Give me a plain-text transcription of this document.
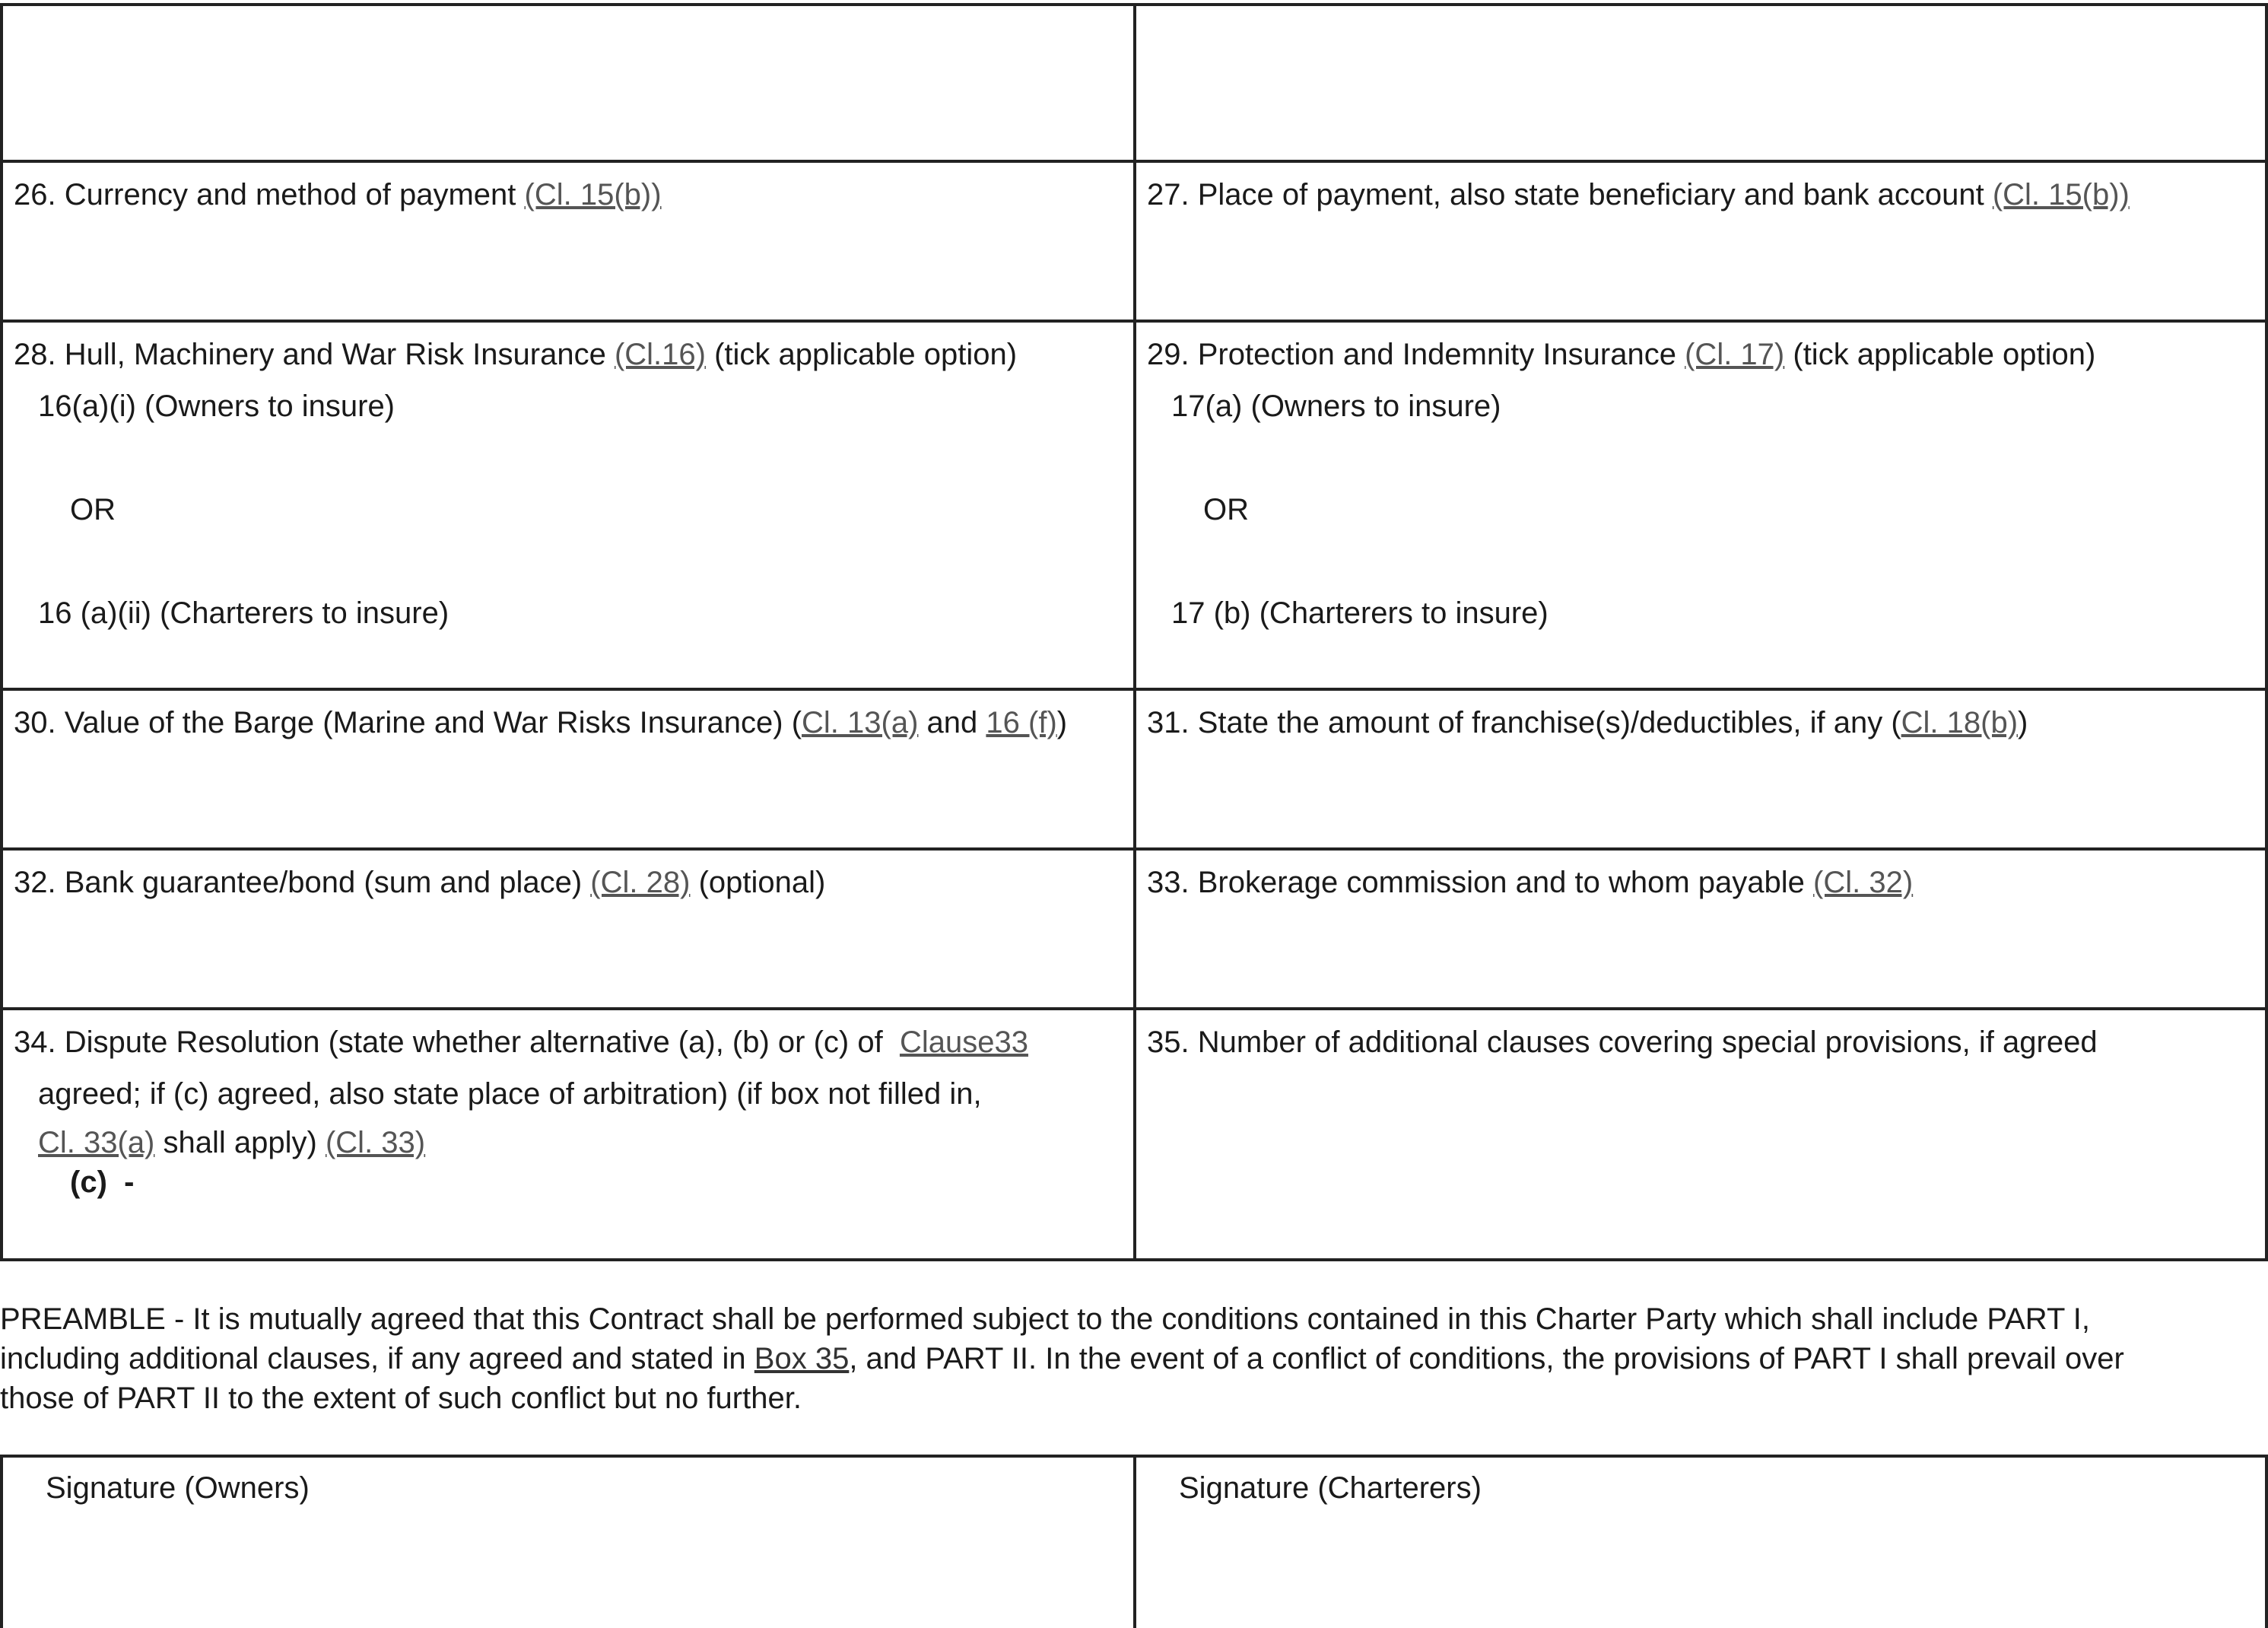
26. Currency and method of payment (Cl. 15(b))	27. Place of payment, also state beneficiary and bank account (Cl. 15(b))
28. Hull, Machinery and War Risk Insurance (Cl.16) (tick applicable option)
16(a)(i) (Owners to insure)
OR
16 (a)(ii) (Charterers to insure)
29. Protection and Indemnity Insurance (Cl. 17) (tick applicable option)
17(a) (Owners to insure)
OR
17 (b) (Charterers to insure)
30. Value of the Barge (Marine and War Risks Insurance) (Cl. 13(a) and 16 (f))	31. State the amount of franchise(s)/deductibles, if any (Cl. 18(b))
32. Bank guarantee/bond (sum and place) (Cl. 28) (optional)	33. Brokerage commission and to whom payable (Cl. 32)
34. Dispute Resolution (state whether alternative (a), (b) or (c) of Clause33
agreed; if (c) agreed, also state place of arbitration) (if box not filled in,
Cl. 33(a) shall apply) (Cl. 33)
(c)  -
35. Number of additional clauses covering special provisions, if agreed
PREAMBLE - It is mutually agreed that this Contract shall be performed subject to the conditions contained in this Charter Party which shall include PART I,
including additional clauses, if any agreed and stated in Box 35, and PART II. In the event of a conflict of conditions, the provisions of PART I shall prevail over
those of PART II to the extent of such conflict but no further.
Signature (Owners)	Signature (Charterers)
